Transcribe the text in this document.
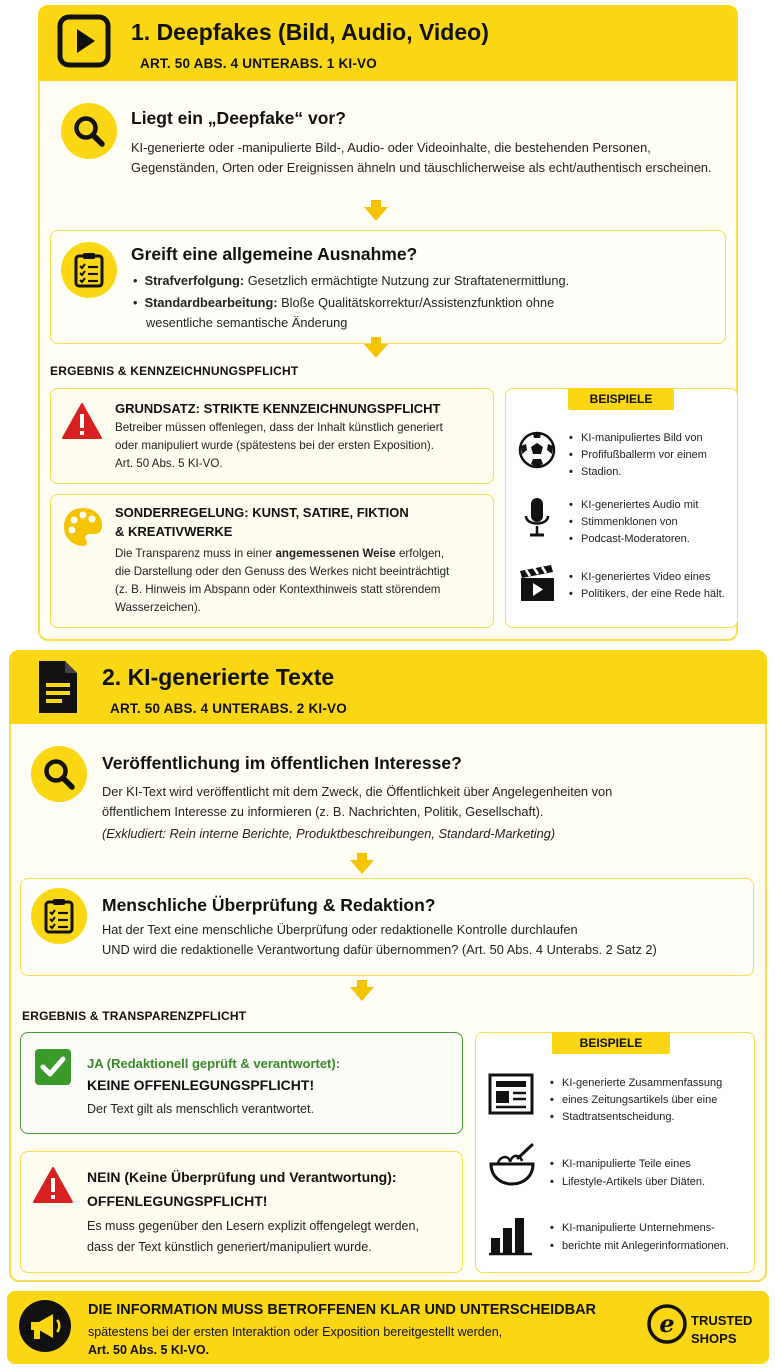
1. Deepfakes (Bild, Audio, Video)
ART. 50 ABS. 4 UNTERABS. 1 KI-VO
Liegt ein „Deepfake“ vor?
KI-generierte oder -manipulierte Bild-, Audio- oder Videoinhalte, die bestehenden Personen,
Gegenständen, Orten oder Ereignissen ähneln und täuschlicherweise als echt/authentisch erscheinen.
Greift eine allgemeine Ausnahme?
•  Strafverfolgung: Gesetzlich ermächtigte Nutzung zur Straftatenermittlung.
•  Standardbearbeitung: Bloße Qualitätskorrektur/Assistenzfunktion ohne
wesentliche semantische Änderung
ERGEBNIS & KENNZEICHNUNGSPFLICHT
GRUNDSATZ: STRIKTE KENNZEICHNUNGSPFLICHT
Betreiber müssen offenlegen, dass der Inhalt künstlich generiert
oder manipuliert wurde (spätestens bei der ersten Exposition).
Art. 50 Abs. 5 KI-VO.
SONDERREGELUNG: KUNST, SATIRE, FIKTION
& KREATIVWERKE
Die Transparenz muss in einer angemessenen Weise erfolgen,
die Darstellung oder den Genuss des Werkes nicht beeinträchtigt
(z. B. Hinweis im Abspann oder Kontexthinweis statt störendem
Wasserzeichen).
BEISPIELE
• KI-manipuliertes Bild von
• Profifußballerm vor einem
• Stadion.
• KI-generiertes Audio mit
• Stimmenklonen von
• Podcast-Moderatoren.
• KI-generiertes Video eines
• Politikers, der eine Rede hält.
2. KI-generierte Texte
ART. 50 ABS. 4 UNTERABS. 2 KI-VO
Veröffentlichung im öffentlichen Interesse?
Der KI-Text wird veröffentlicht mit dem Zweck, die Öffentlichkeit über Angelegenheiten von
öffentlichem Interesse zu informieren (z. B. Nachrichten, Politik, Gesellschaft).
(Exkludiert: Rein interne Berichte, Produktbeschreibungen, Standard-Marketing)
Menschliche Überprüfung & Redaktion?
Hat der Text eine menschliche Überprüfung oder redaktionelle Kontrolle durchlaufen
UND wird die redaktionelle Verantwortung dafür übernommen? (Art. 50 Abs. 4 Unterabs. 2 Satz 2)
ERGEBNIS & TRANSPARENZPFLICHT
JA (Redaktionell geprüft & verantwortet):
KEINE OFFENLEGUNGSPFLICHT!
Der Text gilt als menschlich verantwortet.
NEIN (Keine Überprüfung und Verantwortung):
OFFENLEGUNGSPFLICHT!
Es muss gegenüber den Lesern explizit offengelegt werden,
dass der Text künstlich generiert/manipuliert wurde.
BEISPIELE
• KI-generierte Zusammenfassung
• eines Zeitungsartikels über eine
• Stadtratsentscheidung.
• KI-manipulierte Teile eines
• Lifestyle-Artikels über Diäten.
• KI-manipulierte Unternehmens-
• berichte mit Anlegerinformationen.
DIE INFORMATION MUSS BETROFFENEN KLAR UND UNTERSCHEIDBAR
spätestens bei der ersten Interaktion oder Exposition bereitgestellt werden,
Art. 50 Abs. 5 KI-VO.
e TRUSTED
SHOPS
